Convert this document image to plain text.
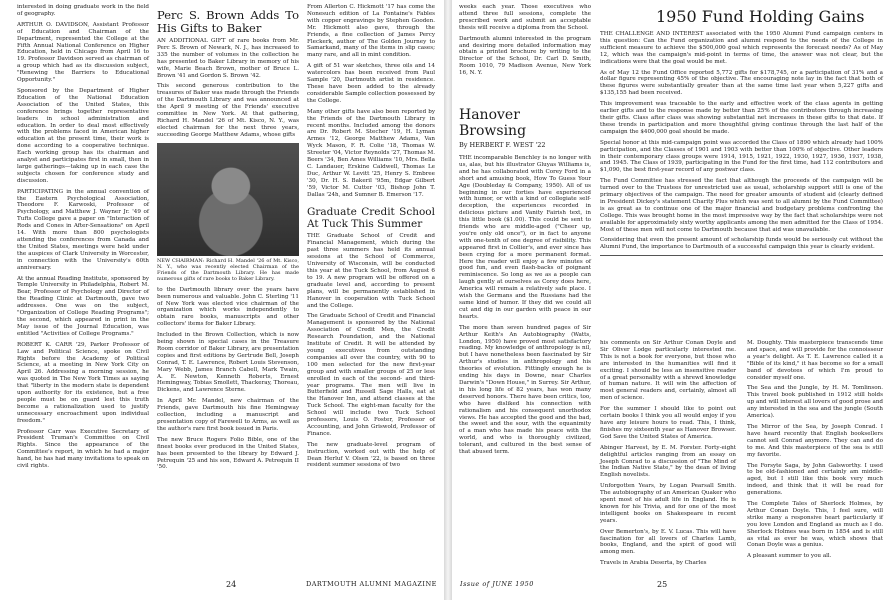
interested in doing graduate work in the field of geography.

ARTHUR O. DAVIDSON, Assistant Professor of Education and Chairman of the Department, represented the College at the Fifth Annual National Conference on Higher Education, held in Chicago from April 16 to 19. Professor Davidson served as chairman of a group which had as its discussion subject, "Renewing the Barriers to Educational Opportunity."

Sponsored by the Department of Higher Education of the National Education Association of the United States, this conference brings together representative leaders in school administration and education. In order to deal most effectively with the problems faced in American higher education at the present time, their work is done according to a cooperative technique. Each working group has its chairman and analyst and participates first in small, then in large gatherings—taking up in each case the subjects chosen for conference study and discussion.

PARTICIPATING in the annual convention of the Eastern Psychological Association, Theodore F. Karwoski, Professor of Psychology, and Matthew J. Wayner Jr. '49 of Tufts College gave a paper on "Interaction of Rods and Cones in After-Sensations" on April 14. With more than 800 psychologists attending the conferences from Canada and the United States, meetings were held under the auspices of Clark University in Worcester, in connection with the University's 60th anniversary.

At the annual Reading Institute, sponsored by Temple University in Philadelphia, Robert M. Bear, Professor of Psychology and Director of the Reading Clinic at Dartmouth, gave two addresses. One was on the subject, "Organization of College Reading Programs"; the second, which appeared in print in the May issue of the Journal Education, was entitled "Activities of College Programs."

ROBERT K. CARR '29, Parker Professor of Law and Political Science, spoke on Civil Rights before the Academy of Political Science, at a meeting in New York City on April 26. Addressing a morning session, he was quoted in The New York Times as saying that "liberty in the modern state is dependent upon authority for its existence, but a free people must be on guard lest this truth become a rationalization used to justify unnecessary encroachment upon individual freedom."

Professor Carr was Executive Secretary of President Truman's Committee on Civil Rights. Since the appearance of the Committee's report, in which he had a major hand, he has had many invitations to speak on civil rights.

Perc S. Brown Adds To His Gifts to Baker

AN ADDITIONAL GIFT of rare books from Mr. Perc S. Brown of Newark, N. J., has increased to 335 the number of volumes in the collection he has presented to Baker Library in memory of his wife, Marie Beach Brown, mother of Bruce L. Brown '41 and Gordon S. Brown '42.

This second generous contribution to the treasures of Baker was made through the Friends of the Dartmouth Library and was announced at the April 9 meeting of the Friends' executive committee in New York. At that gathering, Richard H. Mandel '26 of Mt. Kisco, N. Y., was elected chairman for the next three years, succeeding George Matthew Adams, whose gifts

NEW CHAIRMAN: Richard H. Mandel '26 of Mt. Kisco, N. Y., who was recently elected Chairman of the Friends of the Dartmouth Library. He has made numerous gifts of rare books to Baker Library.

to the Dartmouth library over the years have been numerous and valuable. John C. Sterling '11 of New York was elected vice chairman of the organization which works independently to obtain rare books, manuscripts and other collectors' items for Baker Library.

Included in the Brown Collection, which is now being shown in special cases in the Treasure Room corridor of Baker Library, are presentation copies and first editions by Gertrude Bell, Joseph Conrad, T. E. Lawrence, Robert Louis Stevenson, Mary Webb, James Branch Cabell, Mark Twain, A. E. Newton, Kenneth Roberts, Ernest Hemingway, Tobias Smollett, Thackeray, Thoreau, Dickens, and Lawrence Sterne.

In April Mr. Mandel, new chairman of the Friends, gave Dartmouth his fine Hemingway collection, including a manuscript and presentation copy of Farewell to Arms, as well as the author's rare first book issued in Paris.

The new Bruce Rogers Folio Bible, one of the finest books ever produced in the United States, has been presented to the library by Edward J. Petrequin '25 and his son, Edward A. Petrequin II '50.

From Allerton C. Hickmott '17 has come the Nonesuch edition of La Fontaine's Fables with copper engravings by Stephen Gooden. Mr. Hickmott also gave, through the Friends, a fine collection of James Percy Fleckerk, author of The Golden Journey to Samarkand, many of the items in slip cases; many rare, and all in mint condition.

A gift of 51 war sketches, three oils and 14 watercolors has been received from Paul Sample '20, Dartmouth artist in residence. These have been added to the already considerable Sample collection possessed by the College.

Many other gifts have also been reported by the Friends of the Dartmouth Library in recent months. Included among the donors are Dr. Robert M. Stecher '19, H. Lyman Armes '12, George Matthew Adams, Van Wyck Mason, F. R. Colie '18, Thomas W. Streeter '04, Victor Reynolds '27, Thomas M. Beers '34, Ben Ames Williams '10, Mrs. Bella C. Landauer, Erskine Caldwell, Thomas Le Duc, Arthur W. Levitt '25, Henry S. Embree '30, Dr. H. S. Bakeril '95m, Edgar Gilbert '59, Victor M. Cutter '03, Bishop John T. Dallas '24h, and Sumner B. Emerson '17.

Graduate Credit School At Tuck This Summer

THE Graduate School of Credit and Financial Management, which during the past three summers has held its annual sessions at the School of Commerce, University of Wisconsin, will be conducted this year at the Tuck School, from August 6 to 19. A new program will be offered on a graduate level and, according to present plans, will be permanently established in Hanover in cooperation with Tuck School and the College.

The Graduate School of Credit and Financial Management is sponsored by the National Association of Credit Men, the Credit Research Foundation, and the National Institute of Credit. It will be attended by young executives from outstanding companies all over the country, with 90 to 100 men selected for the new first-year group and with smaller groups of 25 or less enrolled in each of the second- and third-year programs. The men will live in Butterfield and Russell Sage Halls, eat at the Hanover Inn, and attend classes at the Tuck School. The eight-man faculty for the School will include two Tuck School professors, Louis O. Foster, Professor of Accounting, and John Griswold, Professor of Finance.

The new graduate-level program of instruction, worked out with the help of Dean Herluf V. Olsen '22, is based on three resident summer sessions of two

24	DARTMOUTH ALUMNI MAGAZINE

weeks each year. Those executives who attend three full sessions, complete the prescribed work and submit an acceptable thesis will receive a diploma from the School.

Dartmouth alumni interested in the program and desiring more detailed information may obtain a printed brochure by writing to the Director of the School, Dr. Carl D. Smith, Room 1010, 79 Madison Avenue, New York 16, N. Y.

Hanover Browsing
By HERBERT F. WEST '22

THE incomparable Benchley is no longer with us, alas, but his illustrator Gluyas Williams is, and he has collaborated with Corey Ford in a short and amusing book, How To Guess Your Age (Doubleday & Company, 1950). All of us beginning in our forties have experienced with humor, or with a kind of collegiate self-deception, the experiences recorded in delicious picture and Vanity Fairish text, in this little book ($1.00). This could be sent to friends who are middle-aged ("Cheer up, you're only old once"), or in fact to anyone with one-tenth of one degree of risibility. This appeared first in Collier's, and ever since has been crying for a more permanent format. Here the reader will enjoy a few minutes of good fun, and even flash-backs of poignant reminiscence. So long as we as a people can laugh gently at ourselves as Corey does here, America will remain a relatively safe place. I wish the Germans and the Russians had the same kind of humor. If they did we could all cut and dig in our garden with peace in our hearts.

The more than seven hundred pages of Sir Arthur Keith's An Autobiography (Watts, London, 1950) have proved most satisfactory reading. My knowledge of anthropology is nil, but I have nonetheless been fascinated by Sir Arthur's studies in anthropology and his theories of evolution. Fittingly enough he is ending his days in Downe, near Charles Darwin's "Down House," in Surrey. Sir Arthur, in his long life of 82 years, has won many deserved honors. There have been critics, too, who have disliked his connection with rationalism and his consequent unorthodox views. He has accepted the good and the bad, the sweet and the sour, with the equanimity of a man who has made his peace with the world, and who is thoroughly civilized, tolerant, and cultured in the best sense of that abused term.

1950 Fund Holding Gains

THE CHALLENGE AND INTEREST associated with the 1950 Alumni Fund campaign centers in this question: Can the Fund organization and alumni respond to the needs of the College in sufficient measure to achieve the $500,000 goal which represents the forecast needs? As of May 12, which was the campaign's mid-point in terms of time, the answer was not clear, but the indications were that the goal would be met.

As of May 12 the Fund Office reported 5,772 gifts for $178,745, or a participation of 31% and a dollar figure representing 45% of the objective. The encouraging note lay in the fact that both of these figures were substantially greater than at the same time last year when 5,227 gifts and $135,155 had been received.

This improvement was traceable to the early and effective work of the class agents in getting earlier gifts and to the response made by better than 25% of the contributors through increasing their gifts. Class after class was showing substantial net increases in these gifts to that date. If these trends in participation and more thoughtful giving continue through the last half of the campaign the $400,000 goal should be made.

Special honor at this mid-campaign point was accorded the Class of 1890 which already had 100% participation, and the Classes of 1901 and 1903 with better than 100% of objective. Other leaders in their contemporary class groups were 1914, 1915, 1921, 1922, 1930, 1927, 1936, 1937, 1938, and 1945. The Class of 1939, participating in the Fund for the first time, had 112 contributors and $1,090, the best first-year record of any postwar class.

The Fund Committee has stressed the fact that although the proceeds of the campaign will be turned over to the Trustees for unrestricted use as usual, scholarship support still is one of the primary objectives of the campaign. The need for greater amounts of student aid (clearly defined in President Dickey's statement Charity Plus which was sent to all alumni by the Fund Committee) is as great as to continue one of the major financial and budgetary problems confronting the College. This was brought home in the most impressive way by the fact that scholarships were not available for approximately sixty worthy applicants among the men admitted for the Class of 1954. Most of these men will not come to Dartmouth because that aid was unavailable.

Considering that even the present amount of scholarship funds would be seriously cut without the Alumni Fund, the importance to Dartmouth of a successful campaign this year is clearly evident.

his comments on Sir Arthur Conan Doyle and Sir Oliver Lodge particularly interested me. This is not a book for everyone, but those who are interested in the humanities will find it exciting. I should be less an insensitive reader of a great personality with a shrewd knowledge of human nature. It will win the affection of most general readers and, certainly, almost all men of science.

For the summer I should like to point out certain books I think you all would enjoy if you have any leisure hours to read. This, I think, finishes my sixteenth year as Hanover Browser. God Save the United States of America.

Abinger Harvest, by E. M. Forster. Forty-eight delightful articles ranging from an essay on Joseph Conrad to a discussion of "The Mind of the Indian Native State," by the dean of living English novelists.

Unforgotten Years, by Logan Pearsall Smith. The autobiography of an American Quaker who spent most of his adult life in England. He is known for his Trivia, and for one of the most intelligent books on Shakespeare in recent years.

Over Bemerton's, by E. V. Lucas. This will have fascination for all lovers of Charles Lamb, books, England, and the spirit of good will among men.

Travels in Arabia Deserta, by Charles

M. Doughty. This masterpiece transcends time and space, and will provide for the connoisseur a year's delight. As T. E. Lawrence called it a "Bible of its kind," it has become so for a small band of devotees of which I'm proud to consider myself one.

The Sea and the Jungle, by H. M. Tomlinson. This travel book published in 1912 still holds up and will interest all lovers of good prose and any interested in the sea and the jungle (South America).

The Mirror of the Sea, by Joseph Conrad. I have heard recently that English booksellers cannot sell Conrad anymore. They can and do to me. And this masterpiece of the sea is still my favorite.

The Forsyte Saga, by John Galsworthy. I used to be old-fashioned and certainly am middle-aged, but I still like this book very much indeed, and think that it will be read for generations.

The Complete Tales of Sherlock Holmes, by Arthur Conan Doyle. This, I feel sure, will strike many a responsive heart particularly if you love London and England as much as I do. Sherlock Holmes was born in 1854 and is still as vital as ever he was, which shows that Conan Doyle was a genius.

A pleasant summer to you all.

Issue of JUNE 1950	25
